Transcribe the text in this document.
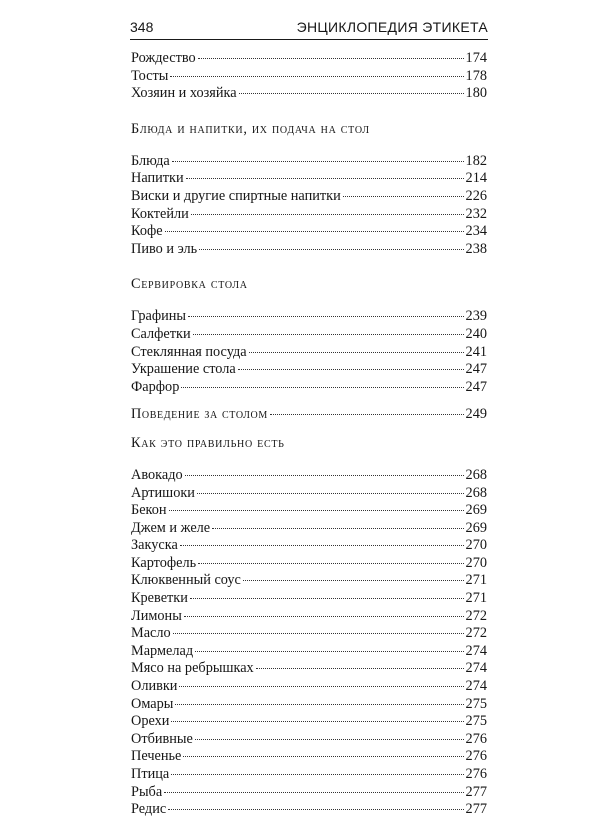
348	ЭНЦИКЛОПЕДИЯ ЭТИКЕТА
Рождество	174
Тосты	178
Хозяин и хозяйка	180
Блюда и напитки, их подача на стол
Блюда	182
Напитки	214
Виски и другие спиртные напитки	226
Коктейли	232
Кофе	234
Пиво и эль	238
Сервировка стола
Графины	239
Салфетки	240
Стеклянная посуда	241
Украшение стола	247
Фарфор	247
Поведение за столом	249
Как это правильно есть
Авокадо	268
Артишоки	268
Бекон	269
Джем и желе	269
Закуска	270
Картофель	270
Клюквенный соус	271
Креветки	271
Лимоны	272
Масло	272
Мармелад	274
Мясо на ребрышках	274
Оливки	274
Омары	275
Орехи	275
Отбивные	276
Печенье	276
Птица	276
Рыба	277
Редис	277
